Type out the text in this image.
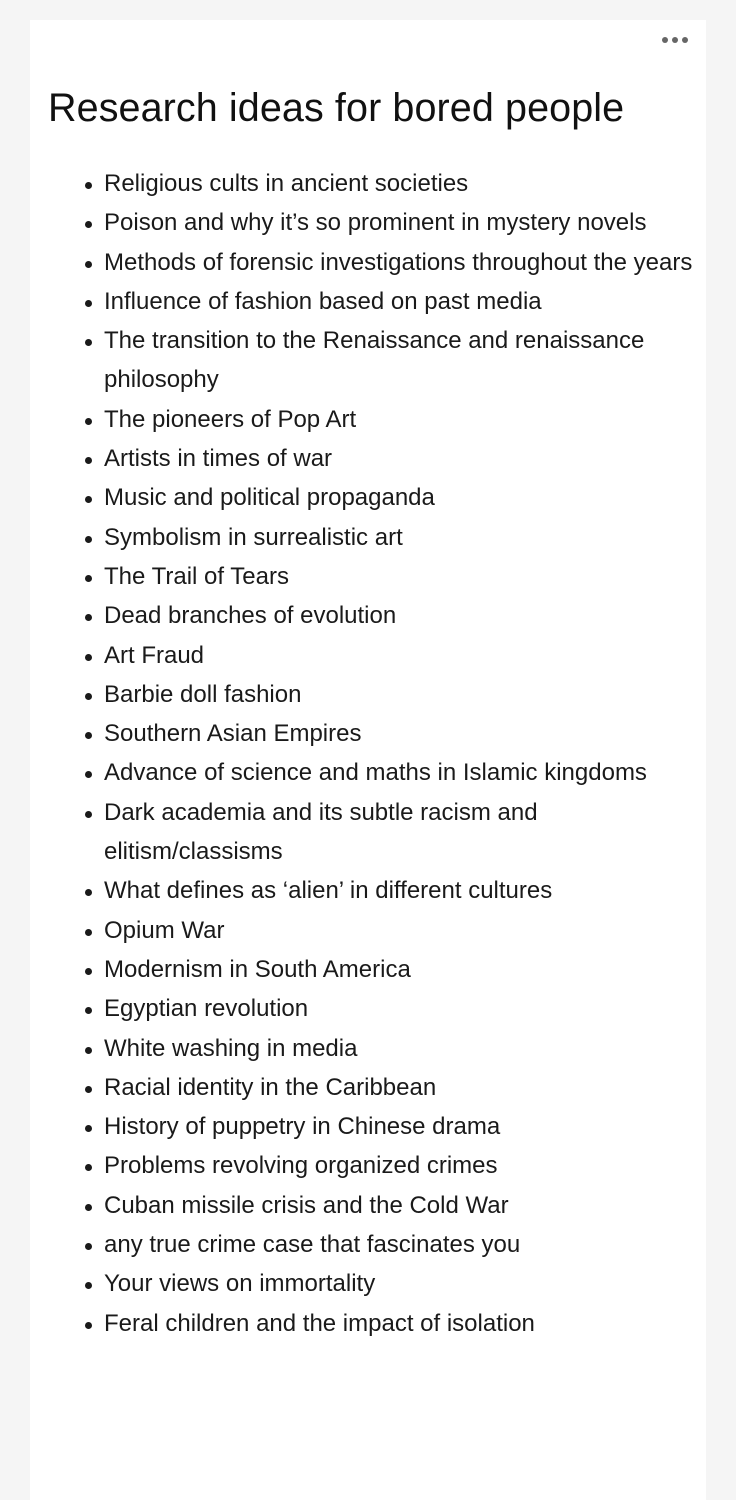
Research ideas for bored people
Religious cults in ancient societies
Poison and why it’s so prominent in mystery novels
Methods of forensic investigations throughout the years
Influence of fashion based on past media
The transition to the Renaissance and renaissance philosophy
The pioneers of Pop Art
Artists in times of war
Music and political propaganda
Symbolism in surrealistic art
The Trail of Tears
Dead branches of evolution
Art Fraud
Barbie doll fashion
Southern Asian Empires
Advance of science and maths in Islamic kingdoms
Dark academia and its subtle racism and elitism/classisms
What defines as ‘alien’ in different cultures
Opium War
Modernism in South America
Egyptian revolution
White washing in media
Racial identity in the Caribbean
History of puppetry in Chinese drama
Problems revolving organized crimes
Cuban missile crisis and the Cold War
any true crime case that fascinates you
Your views on immortality
Feral children and the impact of isolation
